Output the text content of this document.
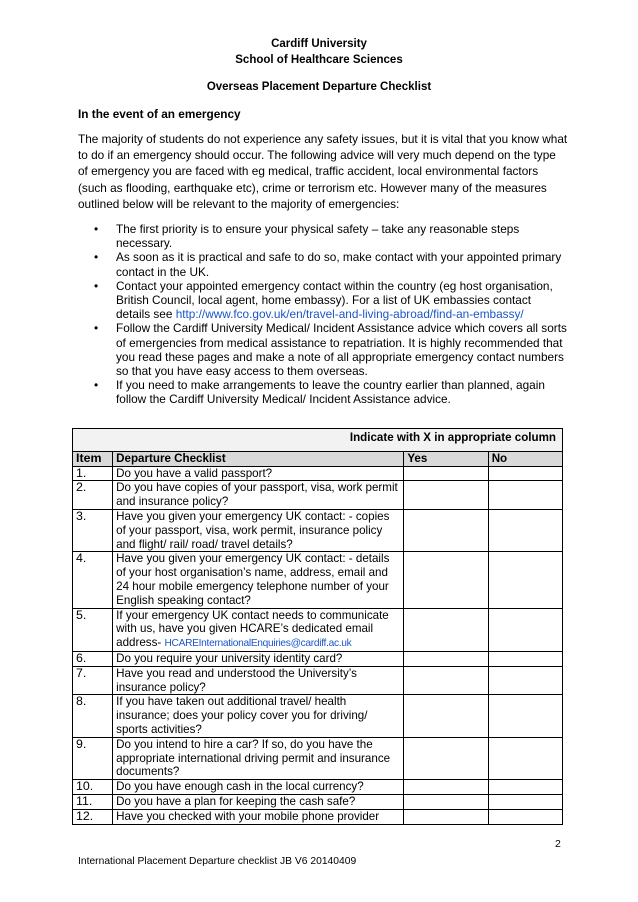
Cardiff University
School of Healthcare Sciences
Overseas Placement Departure Checklist
In the event of an emergency
The majority of students do not experience any safety issues, but it is vital that you know what to do if an emergency should occur. The following advice will very much depend on the type of emergency you are faced with eg medical, traffic accident, local environmental factors (such as flooding, earthquake etc), crime or terrorism etc. However many of the measures outlined below will be relevant to the majority of emergencies:
• The first priority is to ensure your physical safety – take any reasonable steps necessary.
• As soon as it is practical and safe to do so, make contact with your appointed primary contact in the UK.
• Contact your appointed emergency contact within the country (eg host organisation, British Council, local agent, home embassy). For a list of UK embassies contact details see http://www.fco.gov.uk/en/travel-and-living-abroad/find-an-embassy/
• Follow the Cardiff University Medical/ Incident Assistance advice which covers all sorts of emergencies from medical assistance to repatriation. It is highly recommended that you read these pages and make a note of all appropriate emergency contact numbers so that you have easy access to them overseas.
• If you need to make arrangements to leave the country earlier than planned, again follow the Cardiff University Medical/ Incident Assistance advice.
Indicate with X in appropriate column			
Item	Departure Checklist	Yes	No
1.	Do you have a valid passport?		
2.	Do you have copies of your passport, visa, work permit and insurance policy?		
3.	Have you given your emergency UK contact: - copies of your passport, visa, work permit, insurance policy and flight/ rail/ road/ travel details?		
4.	Have you given your emergency UK contact: - details of your host organisation’s name, address, email and 24 hour mobile emergency telephone number of your English speaking contact?		
5.	If your emergency UK contact needs to communicate with us, have you given HCARE’s dedicated email address- HCAREInternationalEnquiries@cardiff.ac.uk		
6.	Do you require your university identity card?		
7.	Have you read and understood the University’s insurance policy?		
8.	If you have taken out additional travel/ health insurance; does your policy cover you for driving/ sports activities?		
9.	Do you intend to hire a car? If so, do you have the appropriate international driving permit and insurance documents?		
10.	Do you have enough cash in the local currency?		
11.	Do you have a plan for keeping the cash safe?		
12.	Have you checked with your mobile phone provider		
2
International Placement Departure checklist JB V6 20140409
